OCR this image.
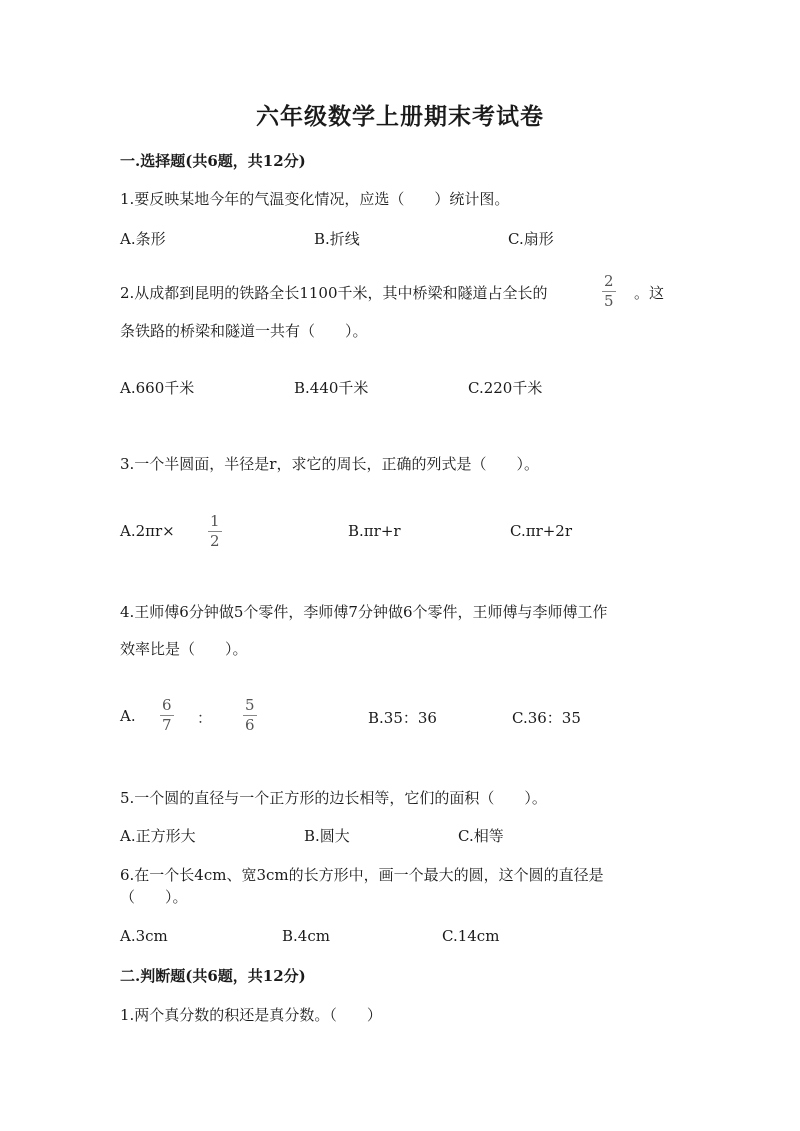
六年级数学上册期末考试卷
一.选择题(共6题，共12分)
1.要反映某地今年的气温变化情况，应选（　　）统计图。
A.条形	B.折线	C.扇形
2.从成都到昆明的铁路全长1100千米，其中桥梁和隧道占全长的	$\frac{2}{5}$ 。这
条铁路的桥梁和隧道一共有（　　）。
A.660千米	B.440千米	C.220千米
3.一个半圆面，半径是r，求它的周长，正确的列式是（　　）。
$A.2\pi r\times \frac{1}{2}$	B.πr+r	C.πr+2r
4.王师傅6分钟做5个零件，李师傅7分钟做6个零件，王师傅与李师傅工作
效率比是（　　）。
A. $\frac{6}{7}$ ： $\frac{5}{6}$	B.35：36	C.36：35
5.一个圆的直径与一个正方形的边长相等，它们的面积（　　）。
A.正方形大	B.圆大	C.相等
6.在一个长4cm、宽3cm的长方形中，画一个最大的圆，这个圆的直径是
（　　）。
A.3cm	B.4cm	C.14cm
二.判断题(共6题，共12分)
1.两个真分数的积还是真分数。（　　）
